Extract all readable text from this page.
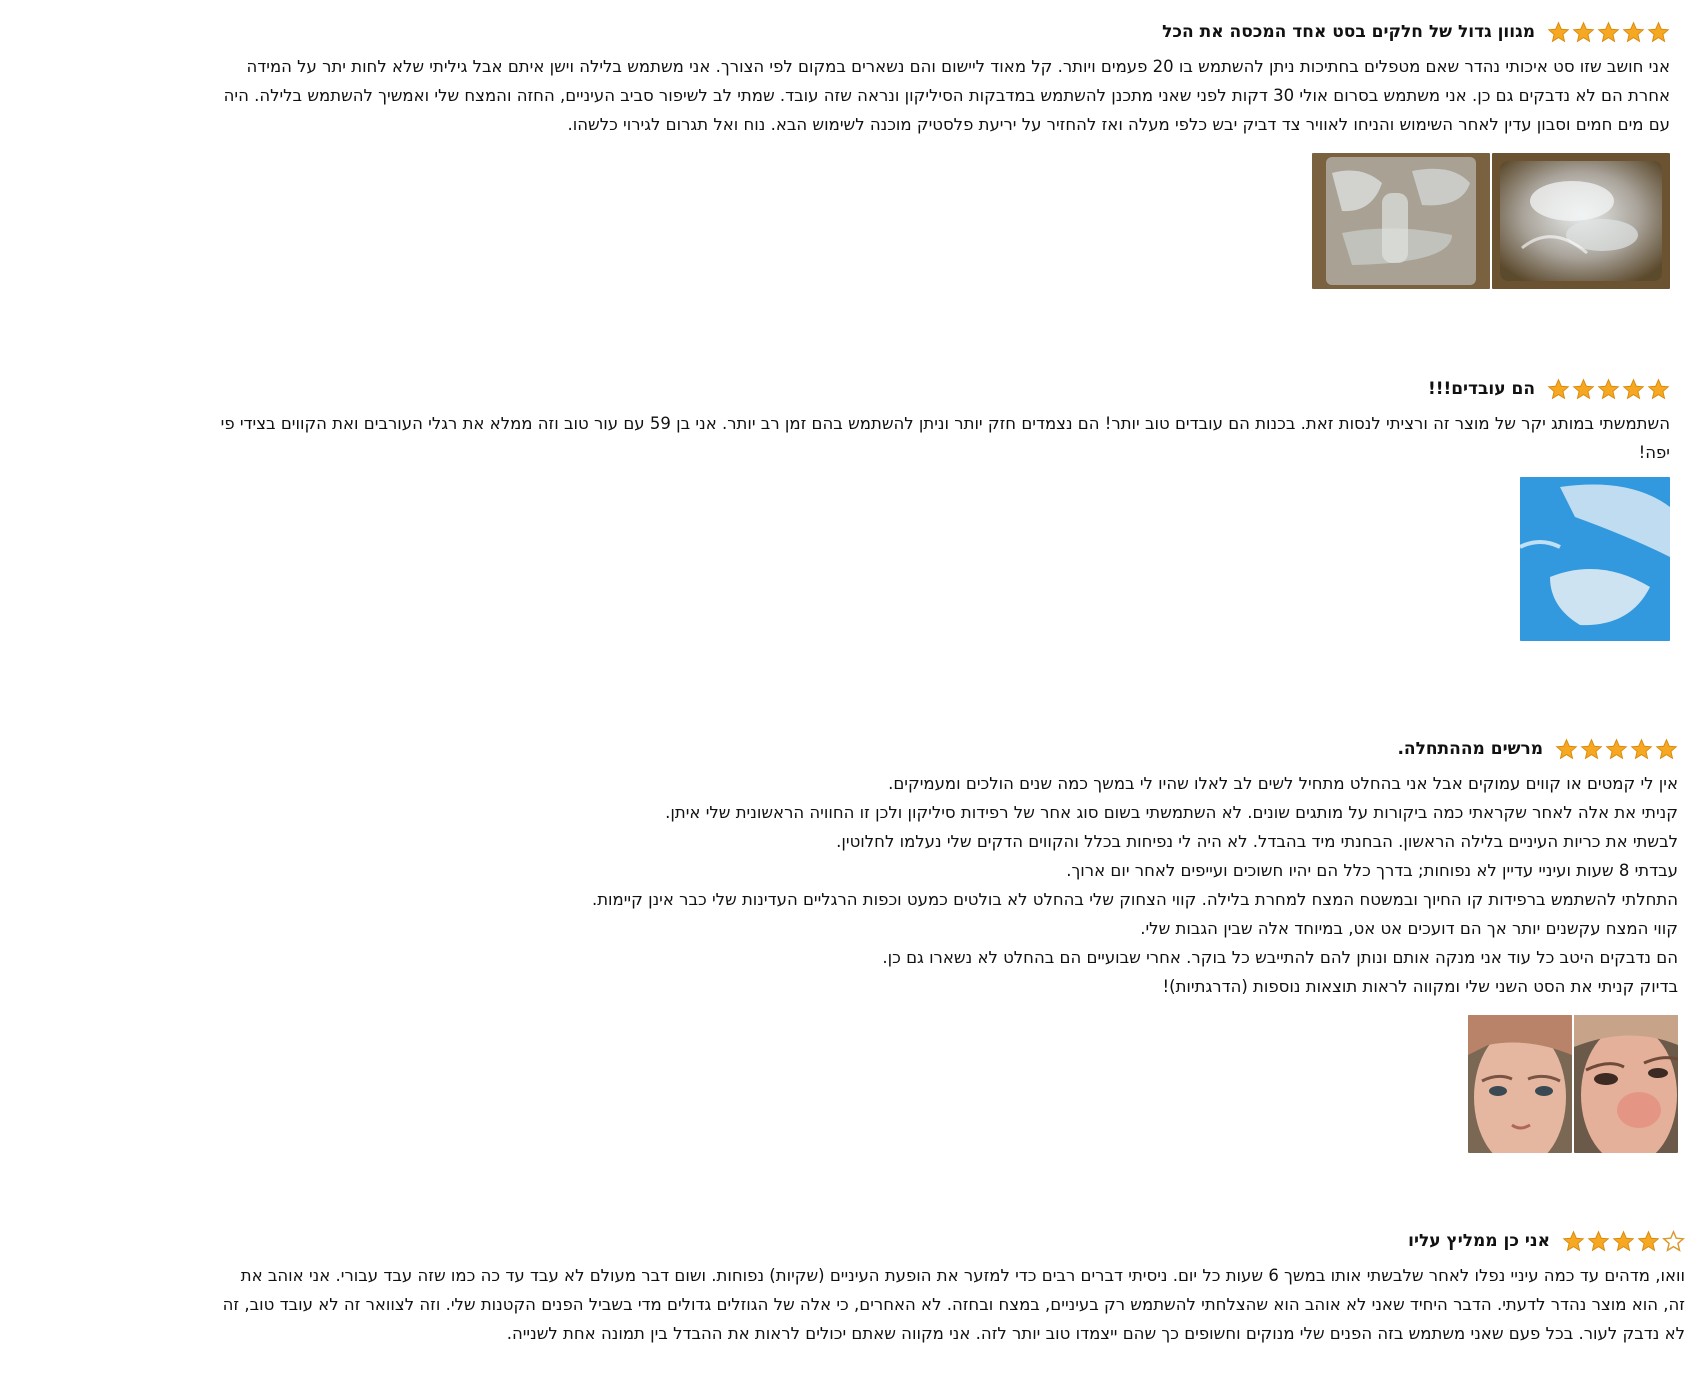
מגוון גדול של חלקים בסט אחד המכסה את הכל
אני חושב שזו סט איכותי נהדר שאם מטפלים בחתיכות ניתן להשתמש בו 20 פעמים ויותר. קל מאוד ליישום והם נשארים במקום לפי הצורך. אני משתמש בלילה וישן איתם אבל גיליתי שלא לחות יתר על המידה
אחרת הם לא נדבקים גם כן. אני משתמש בסרום אולי 30 דקות לפני שאני מתכנן להשתמש במדבקות הסיליקון ונראה שזה עובד. שמתי לב לשיפור סביב העיניים, החזה והמצח שלי ואמשיך להשתמש בלילה. היה
עם מים חמים וסבון עדין לאחר השימוש והניחו לאוויר צד דביק יבש כלפי מעלה ואז להחזיר על יריעת פלסטיק מוכנה לשימוש הבא. נוח ואל תגרום לגירוי כלשהו.
הם עובדים!!!
השתמשתי במותג יקר של מוצר זה ורציתי לנסות זאת. בכנות הם עובדים טוב יותר! הם נצמדים חזק יותר וניתן להשתמש בהם זמן רב יותר. אני בן 59 עם עור טוב וזה ממלא את רגלי העורבים ואת הקווים בצידי פי
יפה!
מרשים מההתחלה.
אין לי קמטים או קווים עמוקים אבל אני בהחלט מתחיל לשים לב לאלו שהיו לי במשך כמה שנים הולכים ומעמיקים.
קניתי את אלה לאחר שקראתי כמה ביקורות על מותגים שונים. לא השתמשתי בשום סוג אחר של רפידות סיליקון ולכן זו החוויה הראשונית שלי איתן.
לבשתי את כריות העיניים בלילה הראשון. הבחנתי מיד בהבדל. לא היה לי נפיחות בכלל והקווים הדקים שלי נעלמו לחלוטין.
עבדתי 8 שעות ועיניי עדיין לא נפוחות; בדרך כלל הם יהיו חשוכים ועייפים לאחר יום ארוך.
התחלתי להשתמש ברפידות קו החיוך ובמשטח המצח למחרת בלילה. קווי הצחוק שלי בהחלט לא בולטים כמעט וכפות הרגליים העדינות שלי כבר אינן קיימות.
קווי המצח עקשנים יותר אך הם דועכים אט אט, במיוחד אלה שבין הגבות שלי.
הם נדבקים היטב כל עוד אני מנקה אותם ונותן להם להתייבש כל בוקר. אחרי שבועיים הם בהחלט לא נשארו גם כן.
בדיוק קניתי את הסט השני שלי ומקווה לראות תוצאות נוספות (הדרגתיות)!
אני כן ממליץ עליו
וואו, מדהים עד כמה עיניי נפלו לאחר שלבשתי אותו במשך 6 שעות כל יום. ניסיתי דברים רבים כדי למזער את הופעת העיניים (שקיות) נפוחות. ושום דבר מעולם לא עבד עד כה כמו שזה עבד עבורי. אני אוהב את
זה, הוא מוצר נהדר לדעתי. הדבר היחיד שאני לא אוהב הוא שהצלחתי להשתמש רק בעיניים, במצח ובחזה. לא האחרים, כי אלה של הגוזלים גדולים מדי בשביל הפנים הקטנות שלי. וזה לצוואר זה לא עובד טוב, זה
לא נדבק לעור. בכל פעם שאני משתמש בזה הפנים שלי מנוקים וחשופים כך שהם ייצמדו טוב יותר לזה. אני מקווה שאתם יכולים לראות את ההבדל בין תמונה אחת לשנייה.
